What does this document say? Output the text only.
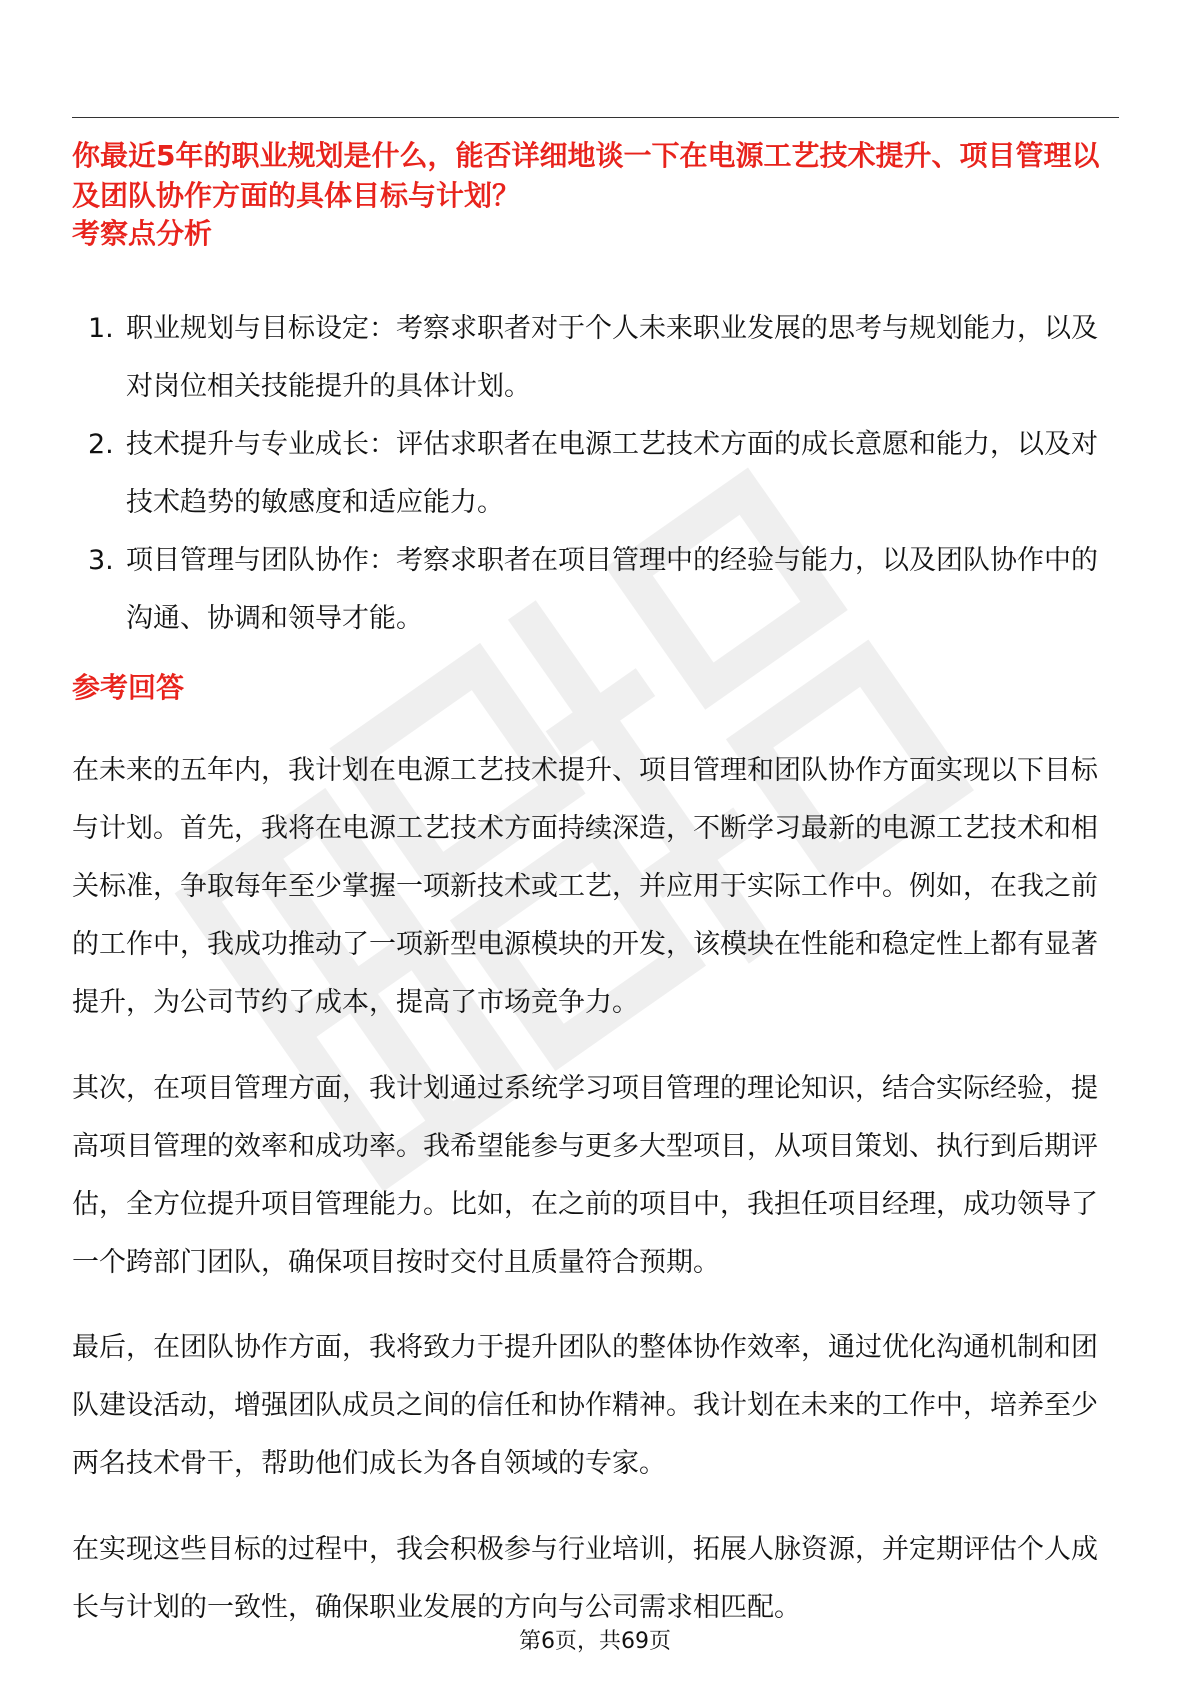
你最近5年的职业规划是什么，能否详细地谈一下在电源工艺技术提升、项目管理以及团队协作方面的具体目标与计划？
考察点分析
1. 职业规划与目标设定：考察求职者对于个人未来职业发展的思考与规划能力，以及对岗位相关技能提升的具体计划。
2. 技术提升与专业成长：评估求职者在电源工艺技术方面的成长意愿和能力，以及对技术趋势的敏感度和适应能力。
3. 项目管理与团队协作：考察求职者在项目管理中的经验与能力，以及团队协作中的沟通、协调和领导才能。
参考回答

在未来的五年内，我计划在电源工艺技术提升、项目管理和团队协作方面实现以下目标与计划。首先，我将在电源工艺技术方面持续深造，不断学习最新的电源工艺技术和相关标准，争取每年至少掌握一项新技术或工艺，并应用于实际工作中。例如，在我之前的工作中，我成功推动了一项新型电源模块的开发，该模块在性能和稳定性上都有显著提升，为公司节约了成本，提高了市场竞争力。

其次，在项目管理方面，我计划通过系统学习项目管理的理论知识，结合实际经验，提高项目管理的效率和成功率。我希望能参与更多大型项目，从项目策划、执行到后期评估，全方位提升项目管理能力。比如，在之前的项目中，我担任项目经理，成功领导了一个跨部门团队，确保项目按时交付且质量符合预期。

最后，在团队协作方面，我将致力于提升团队的整体协作效率，通过优化沟通机制和团队建设活动，增强团队成员之间的信任和协作精神。我计划在未来的工作中，培养至少两名技术骨干，帮助他们成长为各自领域的专家。

在实现这些目标的过程中，我会积极参与行业培训，拓展人脉资源，并定期评估个人成长与计划的一致性，确保职业发展的方向与公司需求相匹配。

第6页，共69页
